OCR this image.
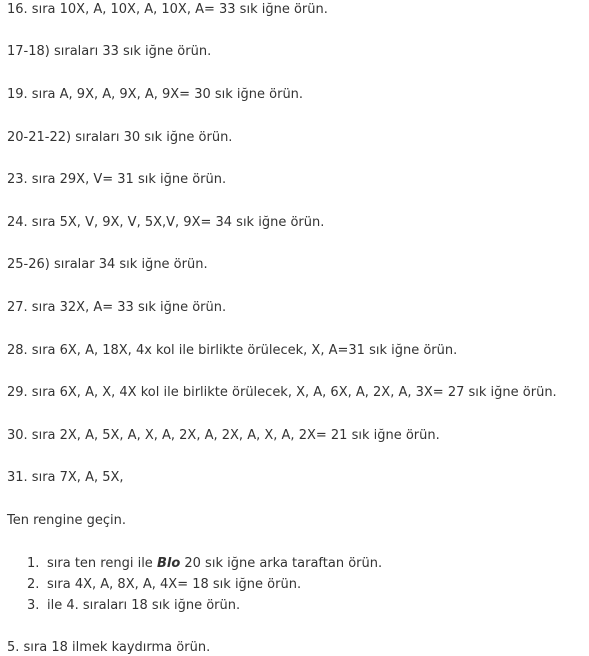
16. sıra 10X, A, 10X, A, 10X, A= 33 sık iğne örün.

17-18) sıraları 33 sık iğne örün.

19. sıra A, 9X, A, 9X, A, 9X= 30 sık iğne örün.

20-21-22) sıraları 30 sık iğne örün.

23. sıra 29X, V= 31 sık iğne örün.

24. sıra 5X, V, 9X, V, 5X,V, 9X= 34 sık iğne örün.

25-26) sıralar 34 sık iğne örün.

27. sıra 32X, A= 33 sık iğne örün.

28. sıra 6X, A, 18X, 4x kol ile birlikte örülecek, X, A=31 sık iğne örün.

29. sıra 6X, A, X, 4X kol ile birlikte örülecek, X, A, 6X, A, 2X, A, 3X= 27 sık iğne örün.

30. sıra 2X, A, 5X, A, X, A, 2X, A, 2X, A, X, A, 2X= 21 sık iğne örün.

31. sıra 7X, A, 5X,

Ten rengine geçin.

1. sıra ten rengi ile Blo 20 sık iğne arka taraftan örün.
2. sıra 4X, A, 8X, A, 4X= 18 sık iğne örün.
3. ile 4. sıraları 18 sık iğne örün.

5. sıra 18 ilmek kaydırma örün.
